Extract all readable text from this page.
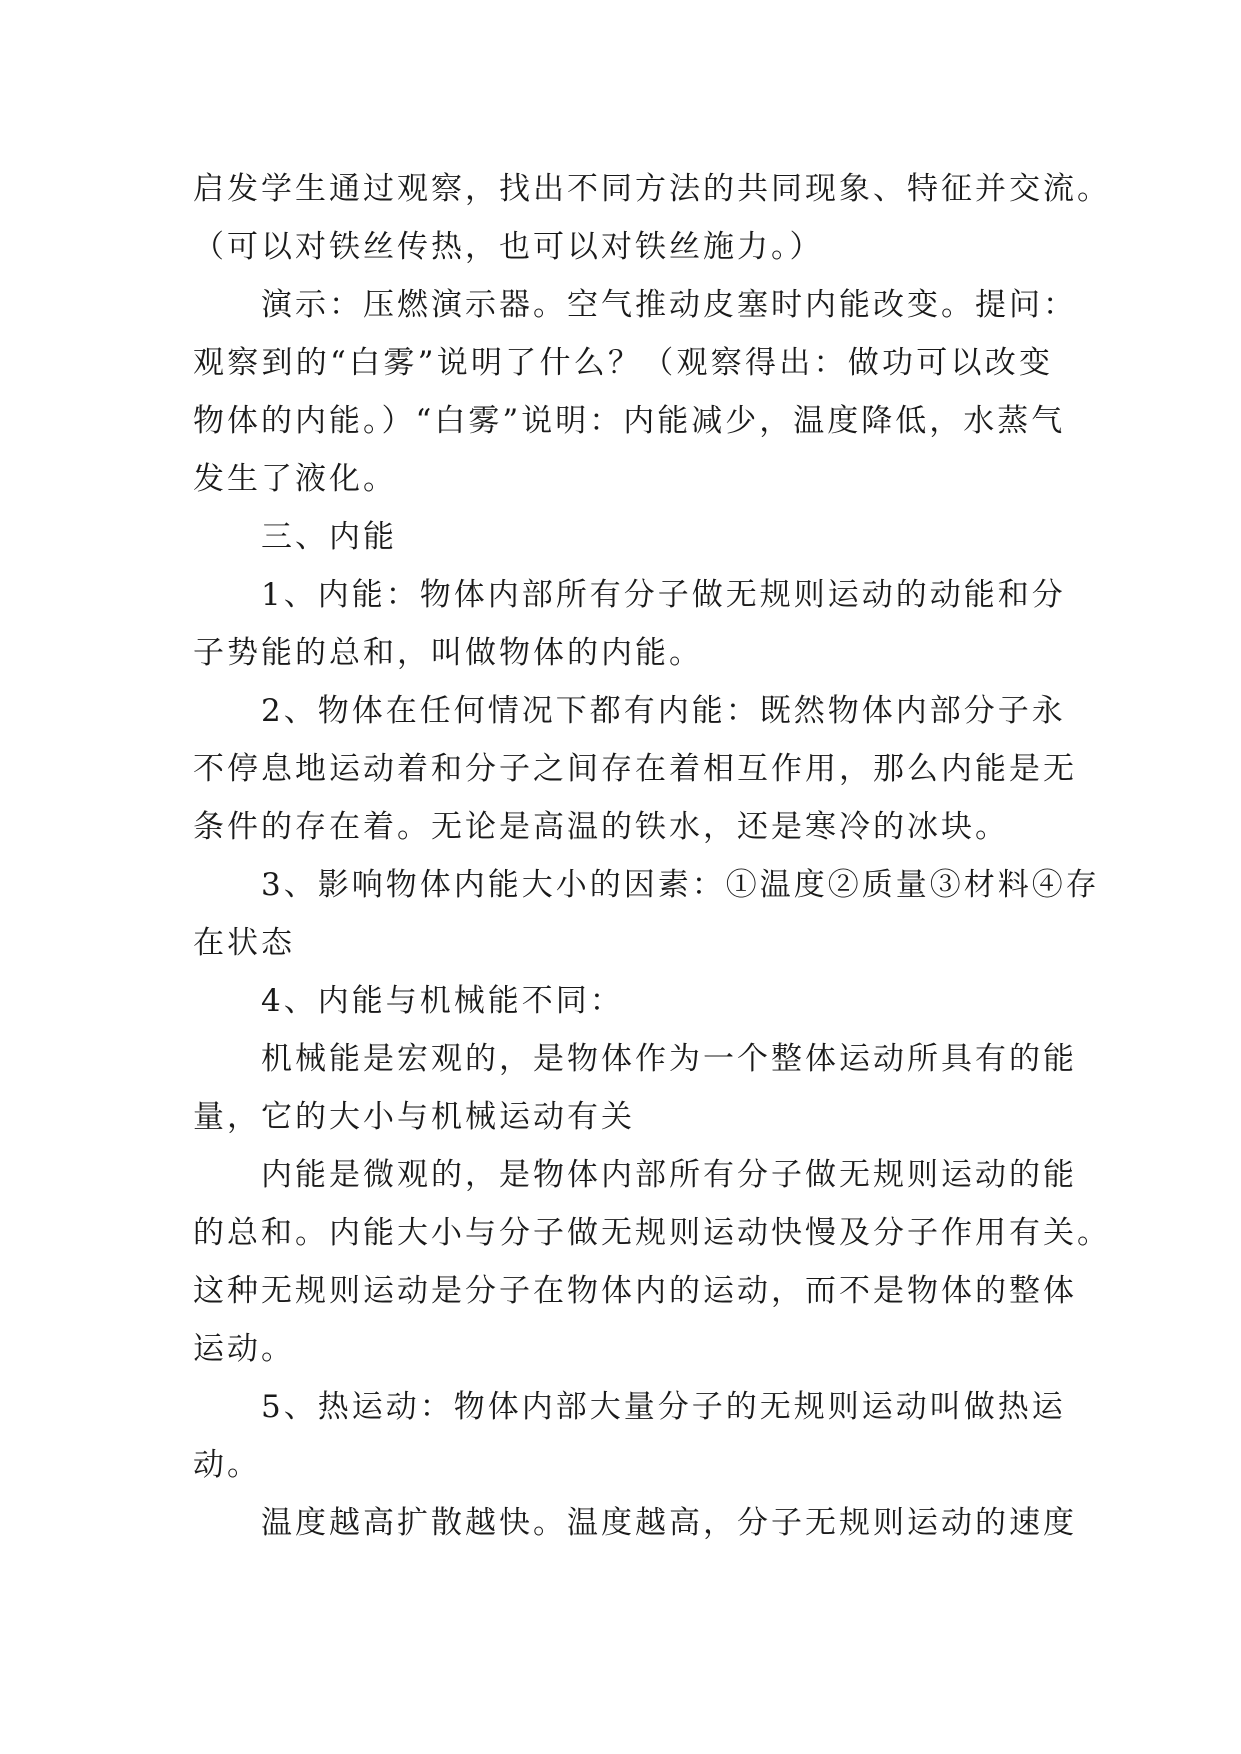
启发学生通过观察，找出不同方法的共同现象、特征并交流。
（可以对铁丝传热，也可以对铁丝施力。）
演示：压燃演示器。空气推动皮塞时内能改变。提问：
观察到的“白雾”说明了什么？（观察得出：做功可以改变
物体的内能。）“白雾”说明：内能减少，温度降低，水蒸气
发生了液化。
三、内能
1、内能：物体内部所有分子做无规则运动的动能和分
子势能的总和，叫做物体的内能。
2、物体在任何情况下都有内能：既然物体内部分子永
不停息地运动着和分子之间存在着相互作用，那么内能是无
条件的存在着。无论是高温的铁水，还是寒冷的冰块。
3、影响物体内能大小的因素：①温度②质量③材料④存
在状态
4、内能与机械能不同：
机械能是宏观的，是物体作为一个整体运动所具有的能
量，它的大小与机械运动有关
内能是微观的，是物体内部所有分子做无规则运动的能
的总和。内能大小与分子做无规则运动快慢及分子作用有关。
这种无规则运动是分子在物体内的运动，而不是物体的整体
运动。
5、热运动：物体内部大量分子的无规则运动叫做热运
动。
温度越高扩散越快。温度越高，分子无规则运动的速度
